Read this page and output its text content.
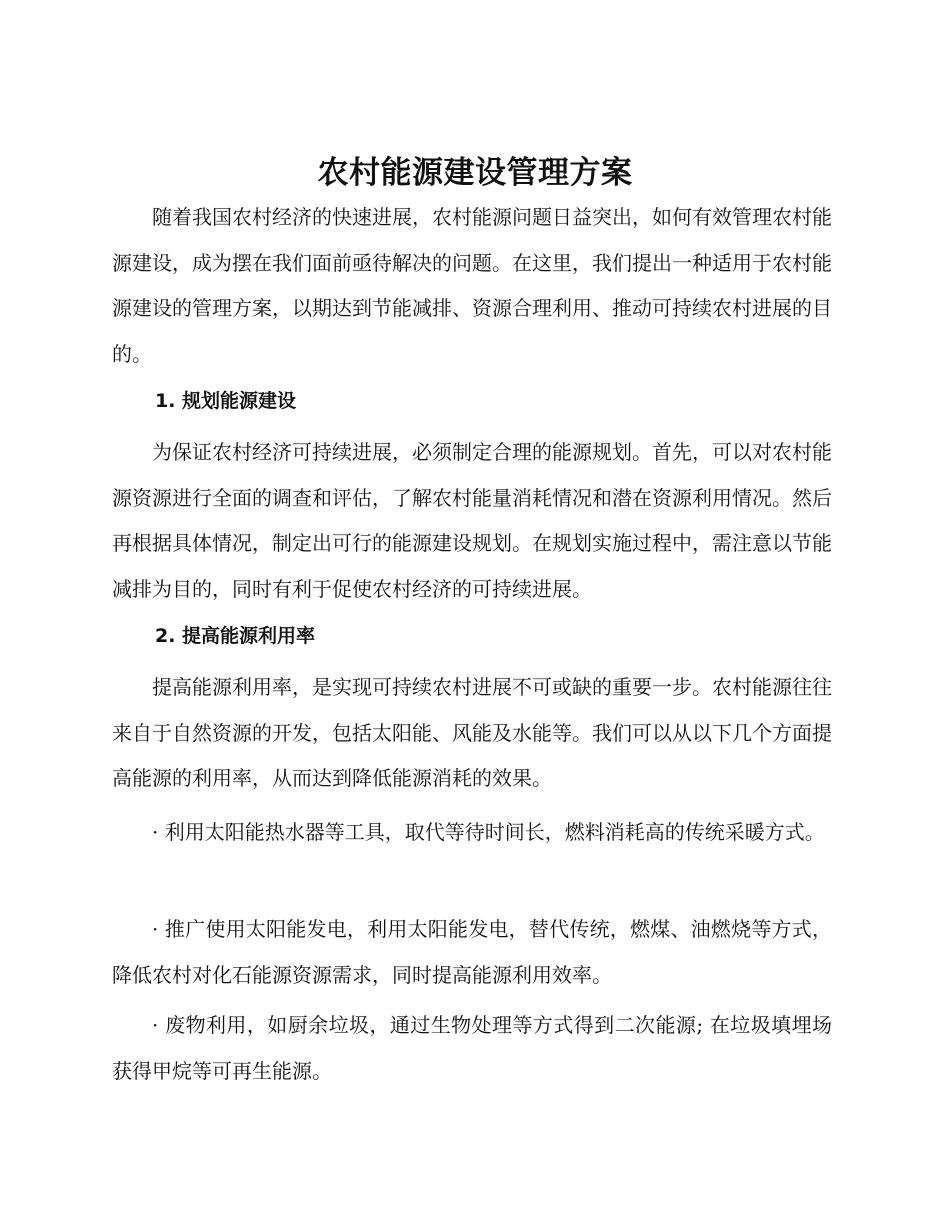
农村能源建设管理方案

随着我国农村经济的快速进展，农村能源问题日益突出，如何有效管理农村能源建设，成为摆在我们面前亟待解决的问题。在这里，我们提出一种适用于农村能源建设的管理方案，以期达到节能减排、资源合理利用、推动可持续农村进展的目的。

1. 规划能源建设

为保证农村经济可持续进展，必须制定合理的能源规划。首先，可以对农村能源资源进行全面的调查和评估，了解农村能量消耗情况和潜在资源利用情况。然后再根据具体情况，制定出可行的能源建设规划。在规划实施过程中，需注意以节能减排为目的，同时有利于促使农村经济的可持续进展。

2. 提高能源利用率

提高能源利用率，是实现可持续农村进展不可或缺的重要一步。农村能源往往来自于自然资源的开发，包括太阳能、风能及水能等。我们可以从以下几个方面提高能源的利用率，从而达到降低能源消耗的效果。

· 利用太阳能热水器等工具，取代等待时间长，燃料消耗高的传统采暖方式。

· 推广使用太阳能发电，利用太阳能发电，替代传统，燃煤、油燃烧等方式，降低农村对化石能源资源需求，同时提高能源利用效率。

· 废物利用，如厨余垃圾，通过生物处理等方式得到二次能源; 在垃圾填埋场获得甲烷等可再生能源。
